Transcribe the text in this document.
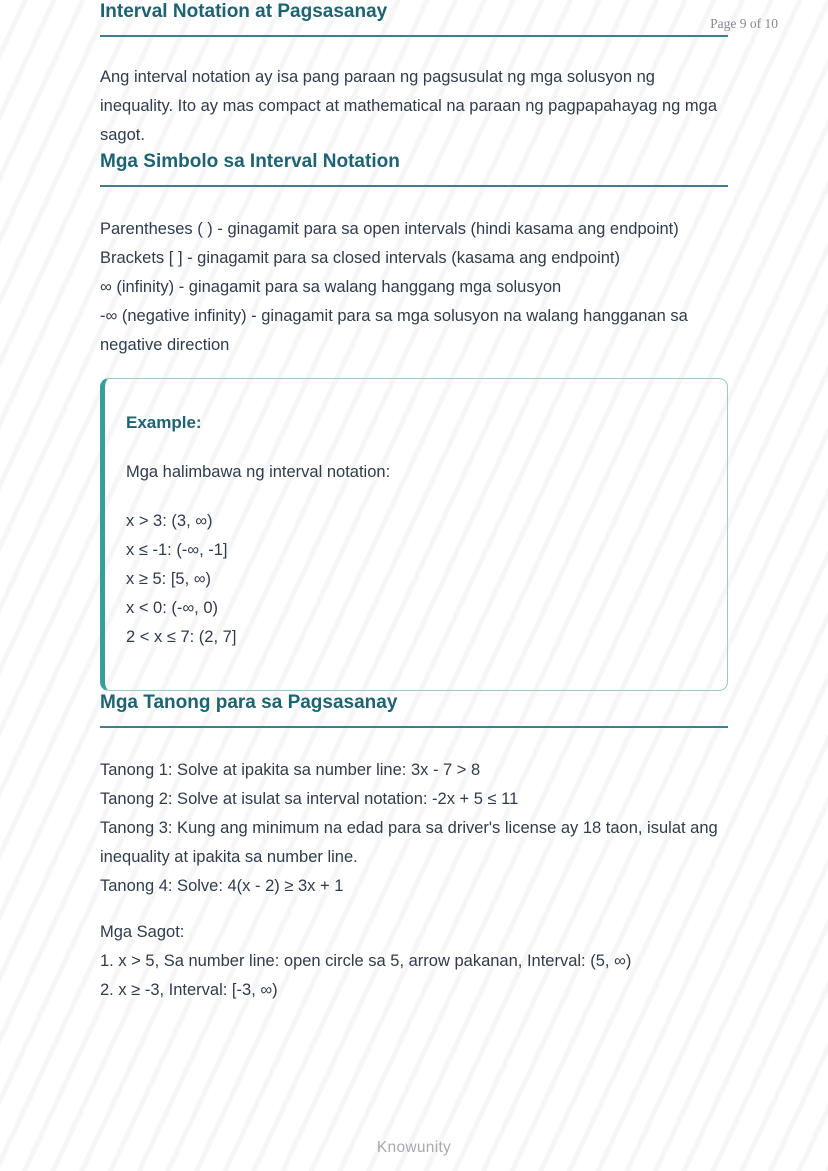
Page 9 of 10
Interval Notation at Pagsasanay

Ang interval notation ay isa pang paraan ng pagsusulat ng mga solusyon ng inequality. Ito ay mas compact at mathematical na paraan ng pagpapahayag ng mga sagot.

Mga Simbolo sa Interval Notation
Parentheses ( ) - ginagamit para sa open intervals (hindi kasama ang endpoint)
Brackets [ ] - ginagamit para sa closed intervals (kasama ang endpoint)
∞ (infinity) - ginagamit para sa walang hanggang mga solusyon
-∞ (negative infinity) - ginagamit para sa mga solusyon na walang hangganan sa negative direction
Example:
Mga halimbawa ng interval notation:
x > 3: (3, ∞)
x ≤ -1: (-∞, -1]
x ≥ 5: [5, ∞)
x < 0: (-∞, 0)
2 < x ≤ 7: (2, 7]
Mga Tanong para sa Pagsasanay
Tanong 1: Solve at ipakita sa number line: 3x - 7 > 8
Tanong 2: Solve at isulat sa interval notation: -2x + 5 ≤ 11
Tanong 3: Kung ang minimum na edad para sa driver's license ay 18 taon, isulat ang inequality at ipakita sa number line.
Tanong 4: Solve: 4(x - 2) ≥ 3x + 1
Mga Sagot:
1. x > 5, Sa number line: open circle sa 5, arrow pakanan, Interval: (5, ∞)
2. x ≥ -3, Interval: [-3, ∞)
Knowunity
